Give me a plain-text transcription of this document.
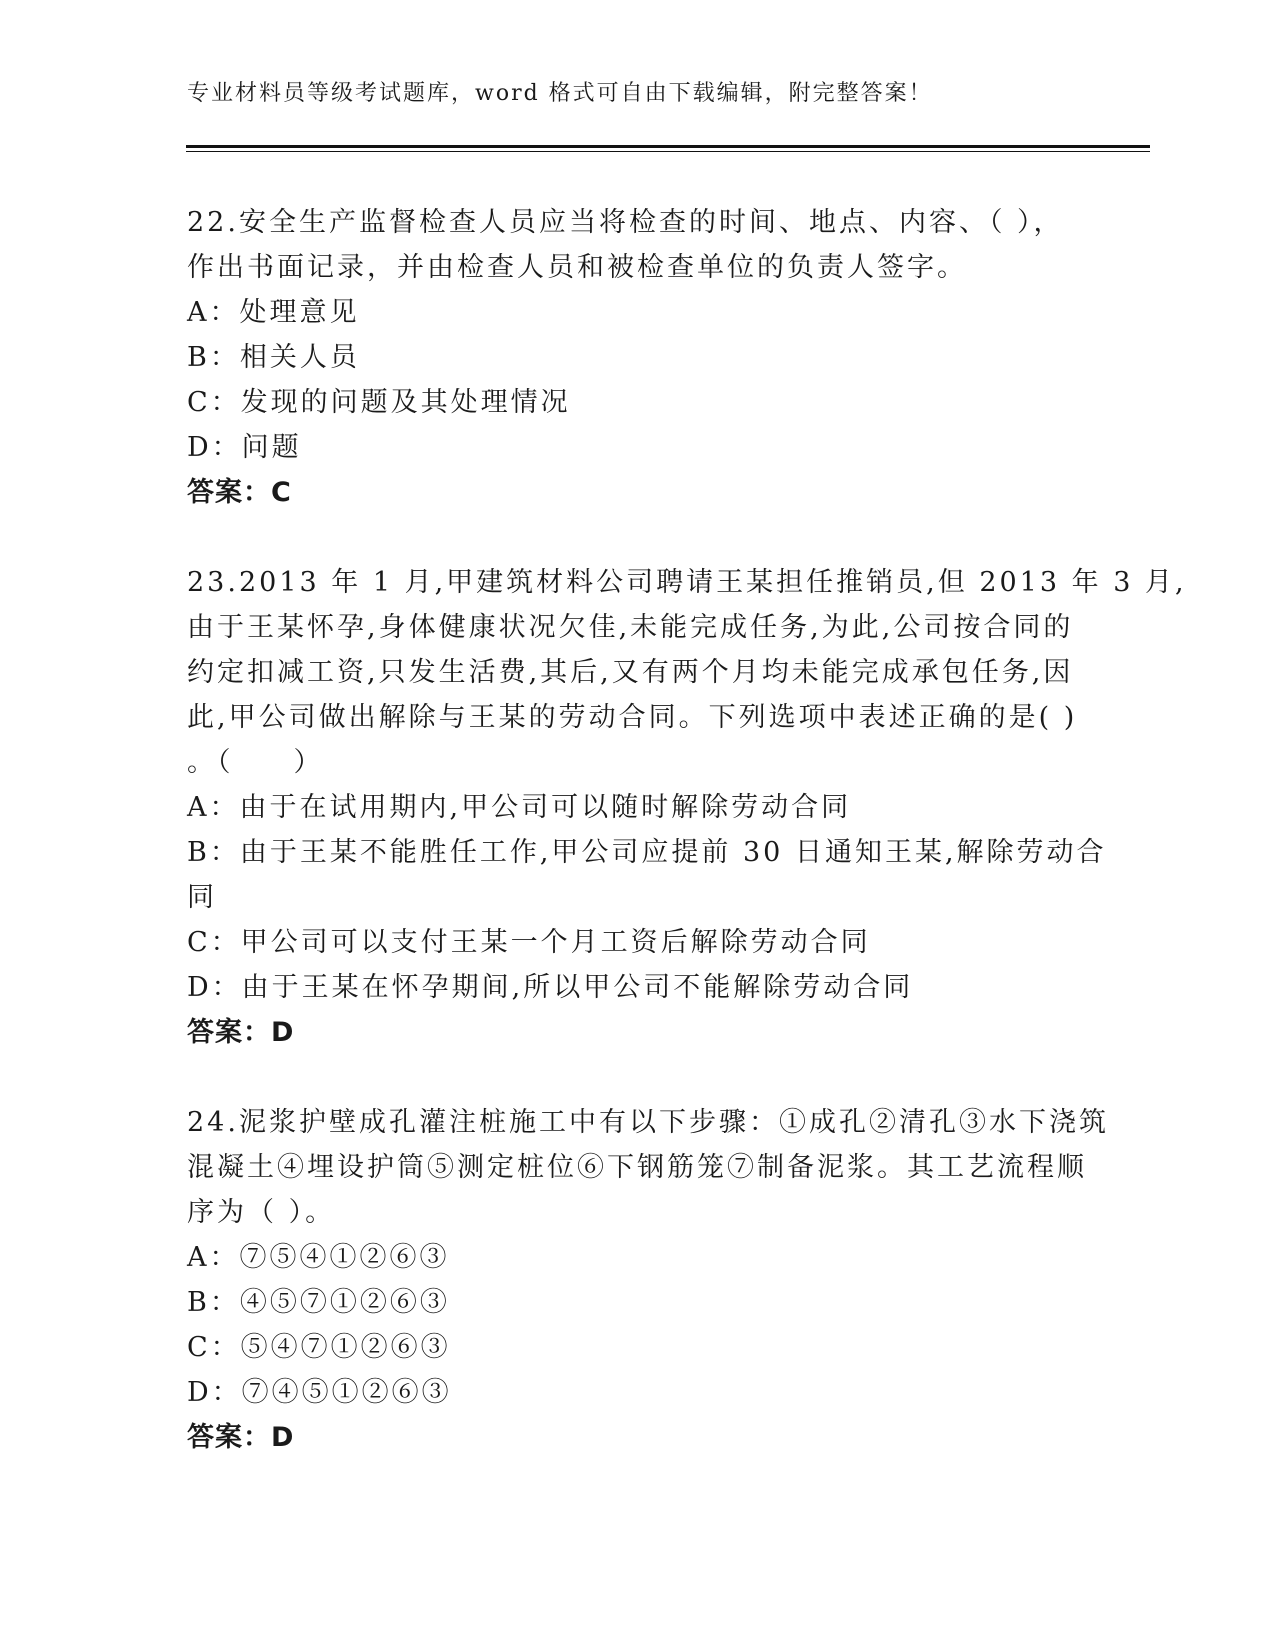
专业材料员等级考试题库，word 格式可自由下载编辑，附完整答案！

22.安全生产监督检查人员应当将检查的时间、地点、内容、（ ），

作出书面记录，并由检查人员和被检查单位的负责人签字。

A：处理意见

B：相关人员

C：发现的问题及其处理情况

D：问题

答案：C

23.2013 年 1 月,甲建筑材料公司聘请王某担任推销员,但 2013 年 3 月,

由于王某怀孕,身体健康状况欠佳,未能完成任务,为此,公司按合同的

约定扣减工资,只发生活费,其后,又有两个月均未能完成承包任务,因

此,甲公司做出解除与王某的劳动合同。下列选项中表述正确的是( )

。（　　）

A：由于在试用期内,甲公司可以随时解除劳动合同

B：由于王某不能胜任工作,甲公司应提前 30 日通知王某,解除劳动合

同

C：甲公司可以支付王某一个月工资后解除劳动合同

D：由于王某在怀孕期间,所以甲公司不能解除劳动合同

答案：D

24.泥浆护壁成孔灌注桩施工中有以下步骤：①成孔②清孔③水下浇筑

混凝土④埋设护筒⑤测定桩位⑥下钢筋笼⑦制备泥浆。其工艺流程顺

序为（ ）。

A：⑦⑤④①②⑥③

B：④⑤⑦①②⑥③

C：⑤④⑦①②⑥③

D：⑦④⑤①②⑥③

答案：D
